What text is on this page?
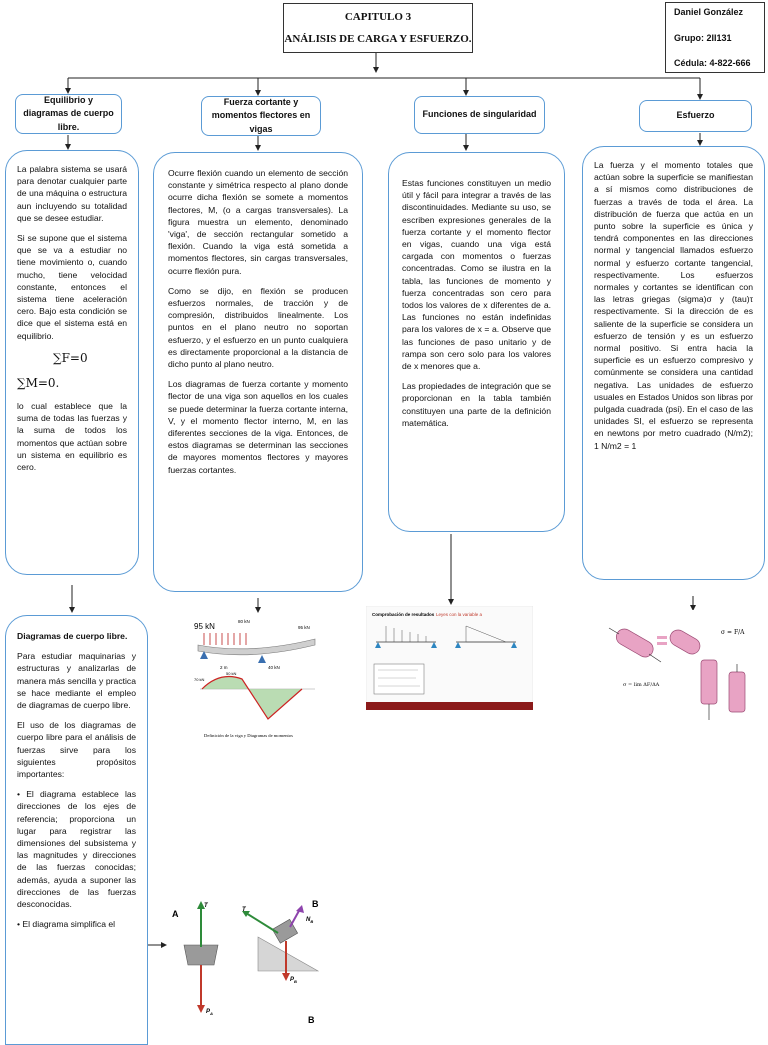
CAPITULO 3
ANÁLISIS DE CARGA Y ESFUERZO.
Daniel González
Grupo: 2II131
Cédula: 4-822-666
Equilibrio y diagramas de cuerpo libre.
Fuerza cortante y momentos flectores en vigas
Funciones de singularidad	Esfuerzo

La palabra sistema se usará para denotar cualquier parte de una máquina o estructura aun incluyendo su totalidad que se desee estudiar.

Si se supone que el sistema que se va a estudiar no tiene movimiento o, cuando mucho, tiene velocidad constante, entonces el sistema tiene aceleración cero. Bajo esta condición se dice que el sistema está en equilibrio.

∑F=0
∑M=0.

lo cual establece que la suma de todas las fuerzas y la suma de todos los momentos que actúan sobre un sistema en equilibrio es cero.

Ocurre flexión cuando un elemento de sección constante y simétrica respecto al plano donde ocurre dicha flexión se somete a momentos flectores, M, (o a cargas transversales). La figura muestra un elemento, denominado 'viga', de sección rectangular sometido a flexión. Cuando la viga está sometida a momentos flectores, sin cargas transversales, ocurre flexión pura.

Como se dijo, en flexión se producen esfuerzos normales, de tracción y de compresión, distribuidos linealmente. Los puntos en el plano neutro no soportan esfuerzo, y el esfuerzo en un punto cualquiera es directamente proporcional a la distancia de dicho punto al plano neutro.

Los diagramas de fuerza cortante y momento flector de una viga son aquellos en los cuales se puede determinar la fuerza cortante interna, V, y el momento flector interno, M, en las diferentes secciones de la viga. Entonces, de estos diagramas se determinan las secciones de mayores momentos flectores y mayores fuerzas cortantes.

Estas funciones constituyen un medio útil y fácil para integrar a través de las discontinuidades. Mediante su uso, se escriben expresiones generales de la fuerza cortante y el momento flector en vigas, cuando una viga está cargada con momentos o fuerzas concentradas. Como se ilustra en la tabla, las funciones de momento y fuerza concentradas son cero para todos los valores de x diferentes de a. Las funciones no están indefinidas para los valores de x = a. Observe que las funciones de paso unitario y de rampa son cero solo para los valores de x menores que a.

Las propiedades de integración que se proporcionan en la tabla también constituyen una parte de la definición matemática.

La fuerza y el momento totales que actúan sobre la superficie se manifiestan a sí mismos como distribuciones de fuerzas a través de toda el área. La distribución de fuerza que actúa en un punto sobre la superficie es única y tendrá componentes en las direcciones normal y tangencial llamados esfuerzo normal y esfuerzo cortante tangencial, respectivamente. Los esfuerzos normales y cortantes se identifican con las letras griegas (sigma)σ y (tau)τ respectivamente. Si la dirección de es saliente de la superficie se considera un esfuerzo de tensión y es un esfuerzo normal positivo. Si entra hacia la superficie es un esfuerzo compresivo y comúnmente se considera una cantidad negativa. Las unidades de esfuerzo usuales en Estados Unidos son libras por pulgada cuadrada (psi). En el caso de las unidades SI, el esfuerzo se representa en newtons por metro cuadrado (N/m2); 1 N/m2 = 1

Diagramas de cuerpo libre.

Para estudiar maquinarias y estructuras y analizarlas de manera más sencilla y practica se hace mediante el empleo de diagramas de cuerpo libre.

El uso de los diagramas de cuerpo libre para el análisis de fuerzas sirve para los siguientes propósitos importantes:

• El diagrama establece las direcciones de los ejes de referencia; proporciona un lugar para registrar las dimensiones del subsistema y las magnitudes y direcciones de las fuerzas conocidas; además, ayuda a suponer las direcciones de las fuerzas desconocidas.

• El diagrama simplifica el

95 kN
80 kN
95 kN
2 m	40 kN
50 kN
70 kN
Definición de la viga y Diagramas de momentos
Comprobación de resultados Leyes con la variable a
σ = F/A
σ = lim ΔF/ΔA
A
B
B
T
$P_A$
T
$N_B$
$P_B$
